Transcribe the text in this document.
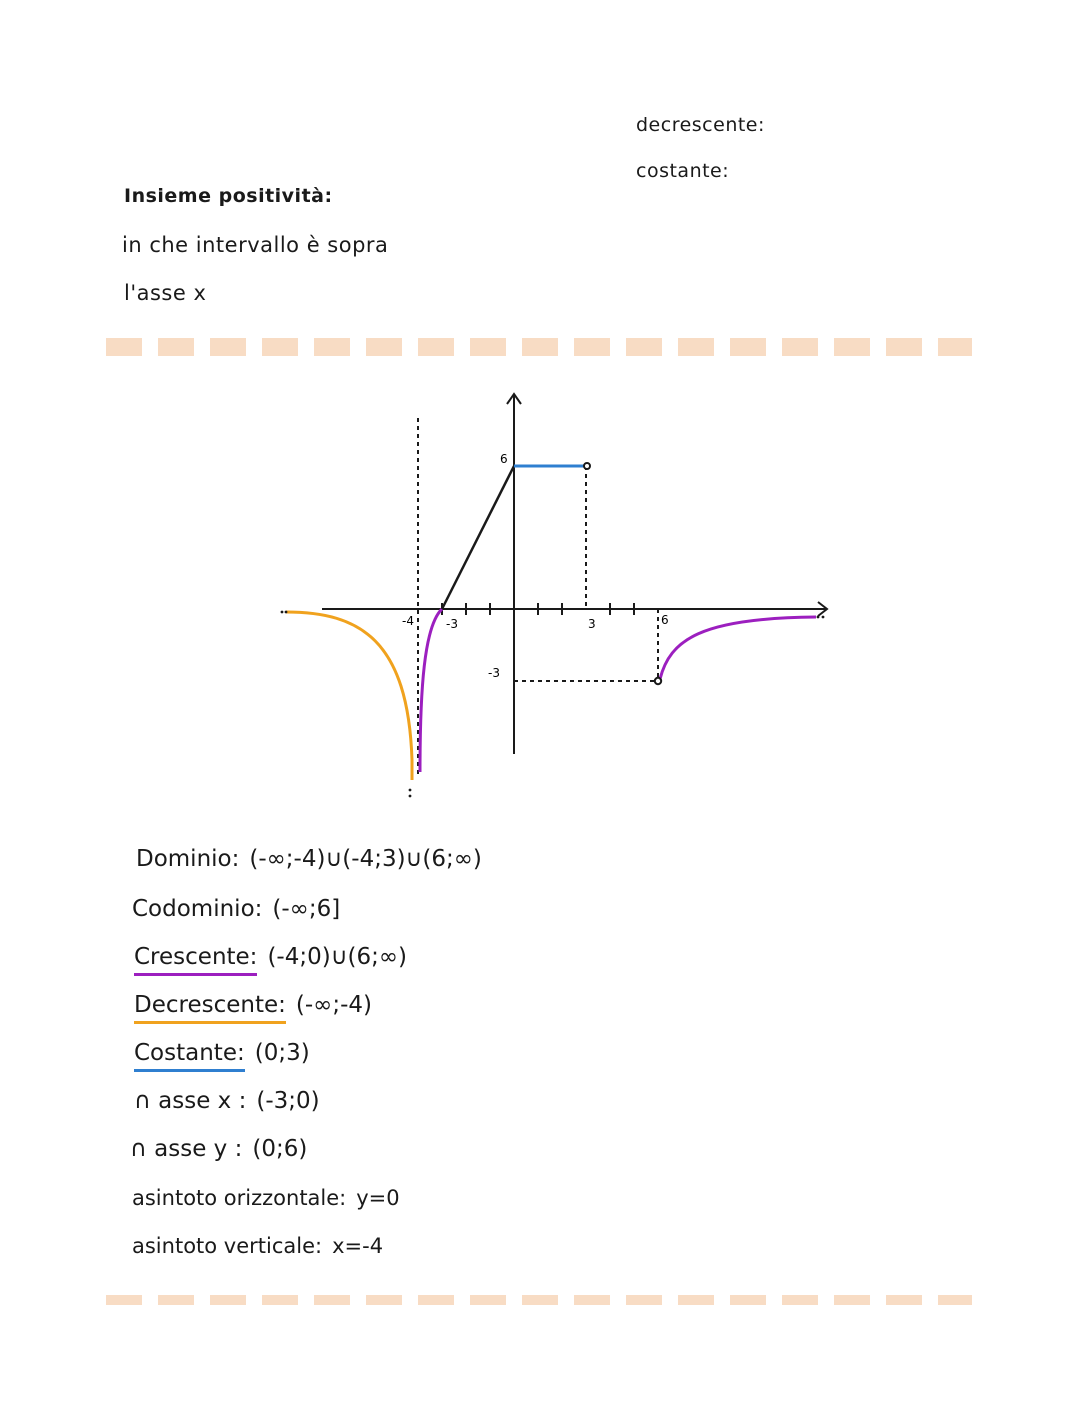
decrescente:
costante:
Insieme positività:
in che intervallo è sopra
l'asse x
-4	-3	3	6
6
-3
Dominio: (-∞;-4)∪(-4;3)∪(6;∞)
Codominio: (-∞;6]
Crescente: (-4;0)∪(6;∞)
Decrescente: (-∞;-4)
Costante: (0;3)
∩ asse x : (-3;0)
∩ asse y : (0;6)
asintoto orizzontale: y=0
asintoto verticale: x=-4
